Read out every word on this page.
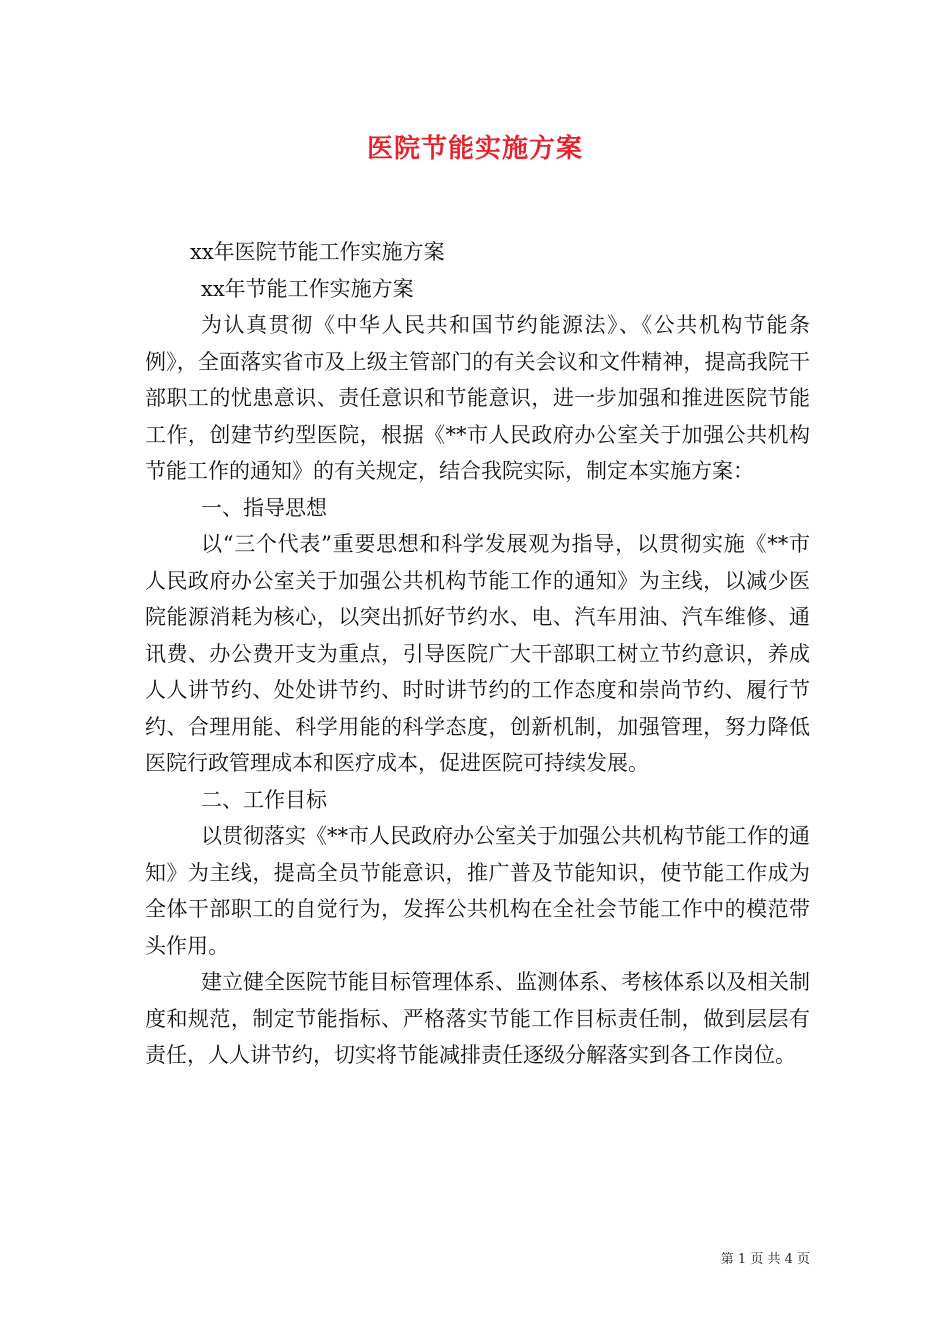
医院节能实施方案

xx年医院节能工作实施方案

xx年节能工作实施方案

为认真贯彻《中华人民共和国节约能源法》、《公共机构节能条例》，全面落实省市及上级主管部门的有关会议和文件精神，提高我院干部职工的忧患意识、责任意识和节能意识，进一步加强和推进医院节能工作，创建节约型医院，根据《**市人民政府办公室关于加强公共机构节能工作的通知》的有关规定，结合我院实际，制定本实施方案：

一、指导思想

以“三个代表”重要思想和科学发展观为指导，以贯彻实施《**市人民政府办公室关于加强公共机构节能工作的通知》为主线，以减少医院能源消耗为核心，以突出抓好节约水、电、汽车用油、汽车维修、通讯费、办公费开支为重点，引导医院广大干部职工树立节约意识，养成人人讲节约、处处讲节约、时时讲节约的工作态度和崇尚节约、履行节约、合理用能、科学用能的科学态度，创新机制，加强管理，努力降低医院行政管理成本和医疗成本，促进医院可持续发展。

二、工作目标

以贯彻落实《**市人民政府办公室关于加强公共机构节能工作的通知》为主线，提高全员节能意识，推广普及节能知识，使节能工作成为全体干部职工的自觉行为，发挥公共机构在全社会节能工作中的模范带头作用。

建立健全医院节能目标管理体系、监测体系、考核体系以及相关制度和规范，制定节能指标、严格落实节能工作目标责任制，做到层层有责任，人人讲节约，切实将节能减排责任逐级分解落实到各工作岗位。

第 1 页 共 4 页
